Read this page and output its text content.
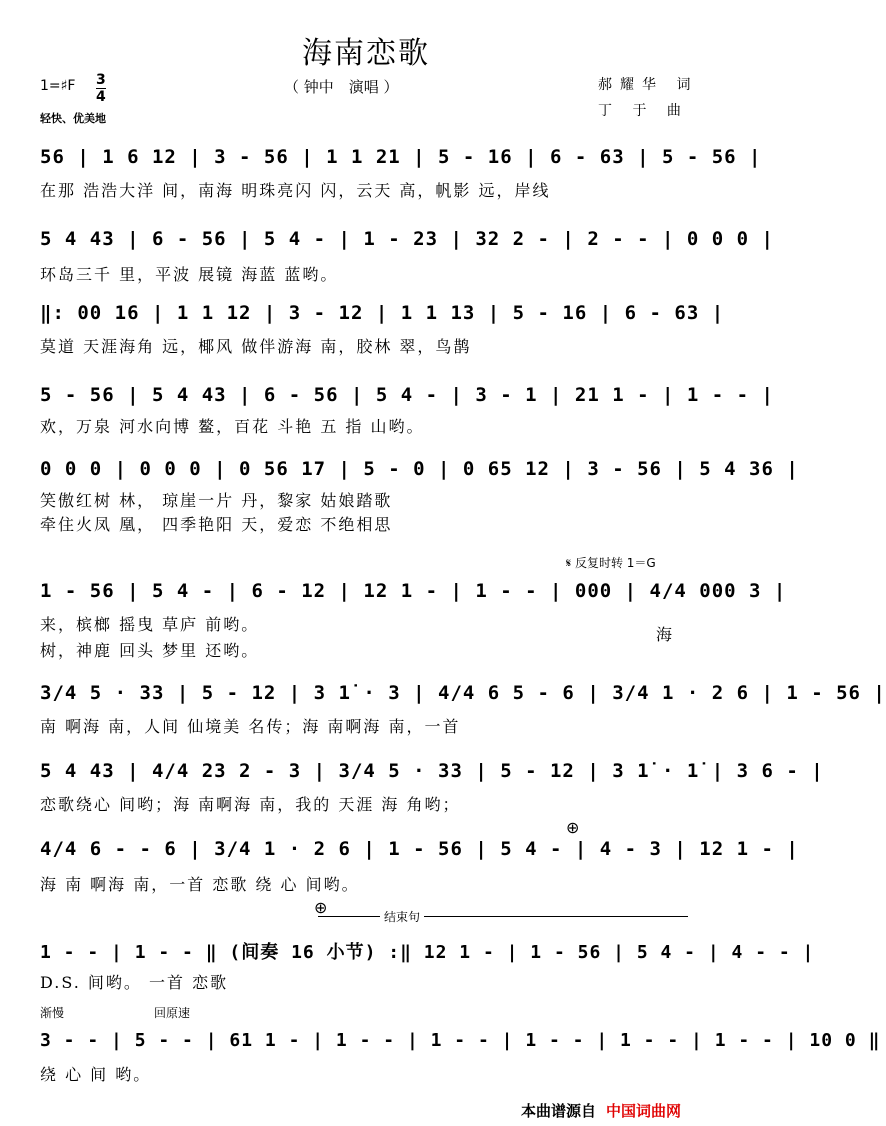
海南恋歌
（ 钟中　演唱 ）
1=♯F 3
4
轻快、优美地
郝耀华 词
丁 于 曲
56 | 1 6 12 | 3 - 56 | 1 1 21 | 5 - 16 | 6 - 63 | 5 - 56 |
在那 浩浩大洋 间，南海 明珠亮闪 闪，云天 高，帆影 远，岸线
5 4 43 | 6 - 56 | 5 4 - | 1 - 23 | 32 2 - | 2 - - | 0 0 0 |
环岛三千 里，平波 展镜 海蓝 蓝哟。
‖: 00 16 | 1 1 12 | 3 - 12 | 1 1 13 | 5 - 16 | 6 - 63 |
莫道 天涯海角 远，椰风 做伴游海 南，胶林 翠，鸟鹊
5 - 56 | 5 4 43 | 6 - 56 | 5 4 - | 3 - 1 | 21 1 - | 1 - - |
欢，万泉 河水向博 鳌，百花 斗艳 五 指 山哟。
0 0 0 | 0 0 0 | 0 56 17 | 5 - 0 | 0 65 12 | 3 - 56 | 5 4 36 |
笑傲红树 林， 琼崖一片 丹，黎家 姑娘踏歌
牵住火凤 凰， 四季艳阳 天，爱恋 不绝相思
𝄋 反复时转 1＝G
1 - 56 | 5 4 - | 6 - 12 | 12 1 - | 1 - - | 000 | 4/4 000 3 |
来，槟榔 摇曳 草庐 前哟。
树，神鹿 回头 梦里 还哟。
海
3/4 5 · 33 | 5 - 12 | 3 1̇ · 3 | 4/4 6 5 - 6 | 3/4 1 · 2 6 | 1 - 56 |
南 啊海 南，人间 仙境美 名传；海 南啊海 南，一首
5 4 43 | 4/4 23 2 - 3 | 3/4 5 · 33 | 5 - 12 | 3 1̇ · 1̇ | 3 6 - |
恋歌绕心 间哟；海 南啊海 南，我的 天涯 海 角哟；
⊕
4/4 6 - - 6 | 3/4 1 · 2 6 | 1 - 56 | 5 4 - | 4 - 3 | 12 1 - |
海 南 啊海 南，一首 恋歌 绕 心 间哟。
⊕	结束句
1 - - | 1 - - ‖ (间奏 16 小节) :‖ 12 1 - | 1 - 56 | 5 4 - | 4 - - |
D.S. 间哟。 一首 恋歌
渐慢	回原速
3 - - | 5 - - | 61 1 - | 1 - - | 1 - - | 1 - - | 1 - - | 1 - - | 10 0 ‖
绕 心 间 哟。
本曲谱源自 中国词曲网
